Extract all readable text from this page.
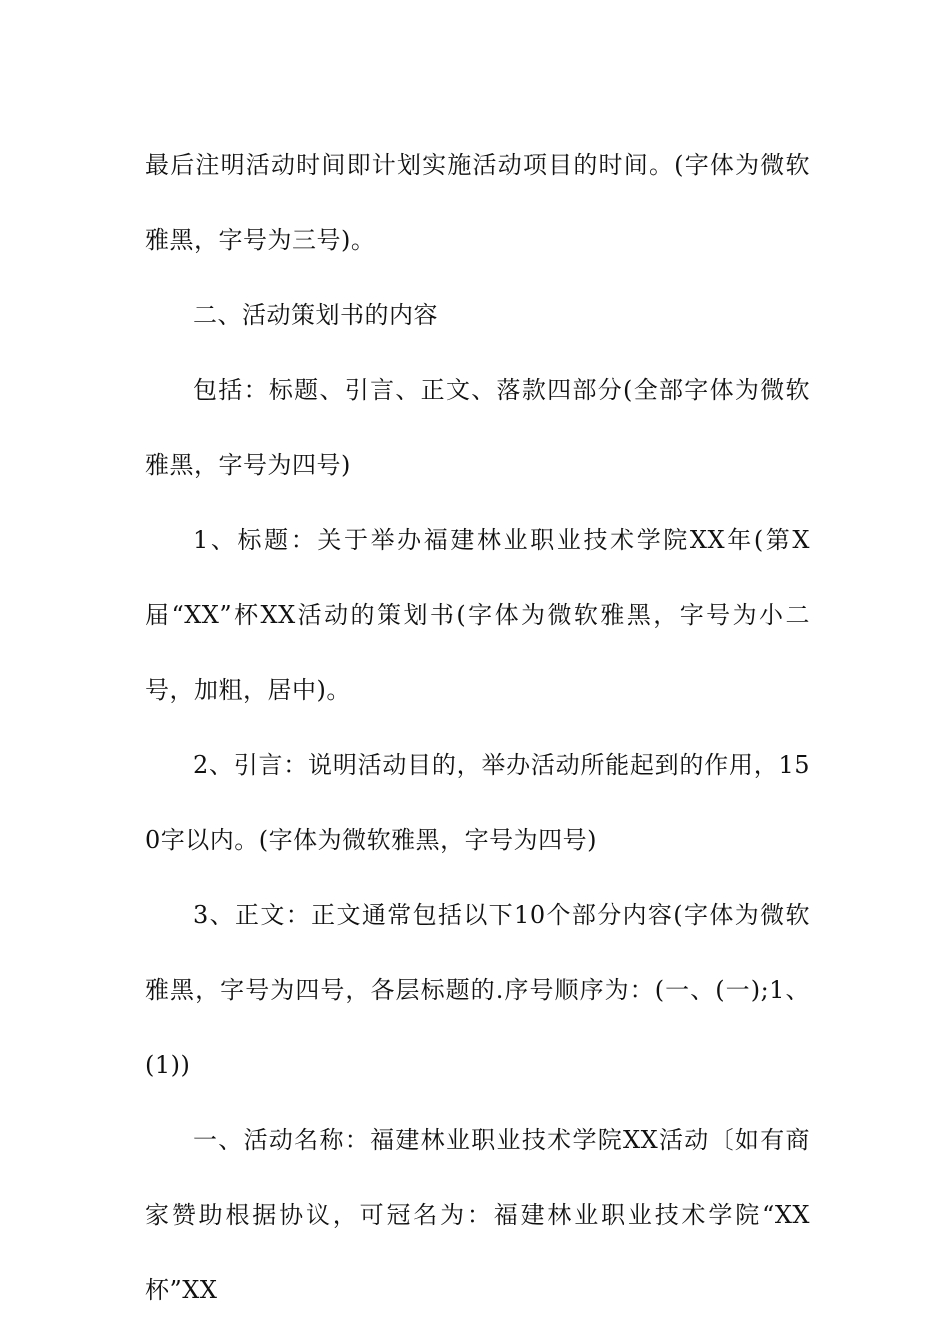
最后注明活动时间即计划实施活动项目的时间。(字体为微软雅黑，字号为三号)。

二、活动策划书的内容

包括：标题、引言、正文、落款四部分(全部字体为微软雅黑，字号为四号)

1、标题：关于举办福建林业职业技术学院XX年(第X届“XX”杯XX活动的策划书(字体为微软雅黑，字号为小二号，加粗，居中)。

2、引言：说明活动目的，举办活动所能起到的作用，150字以内。(字体为微软雅黑，字号为四号)

3、正文：正文通常包括以下10个部分内容(字体为微软雅黑，字号为四号，各层标题的.序号顺序为：(一、(一);1、(1))

一、活动名称：福建林业职业技术学院XX活动〔如有商家赞助根据协议，可冠名为：福建林业职业技术学院“XX杯”XX
